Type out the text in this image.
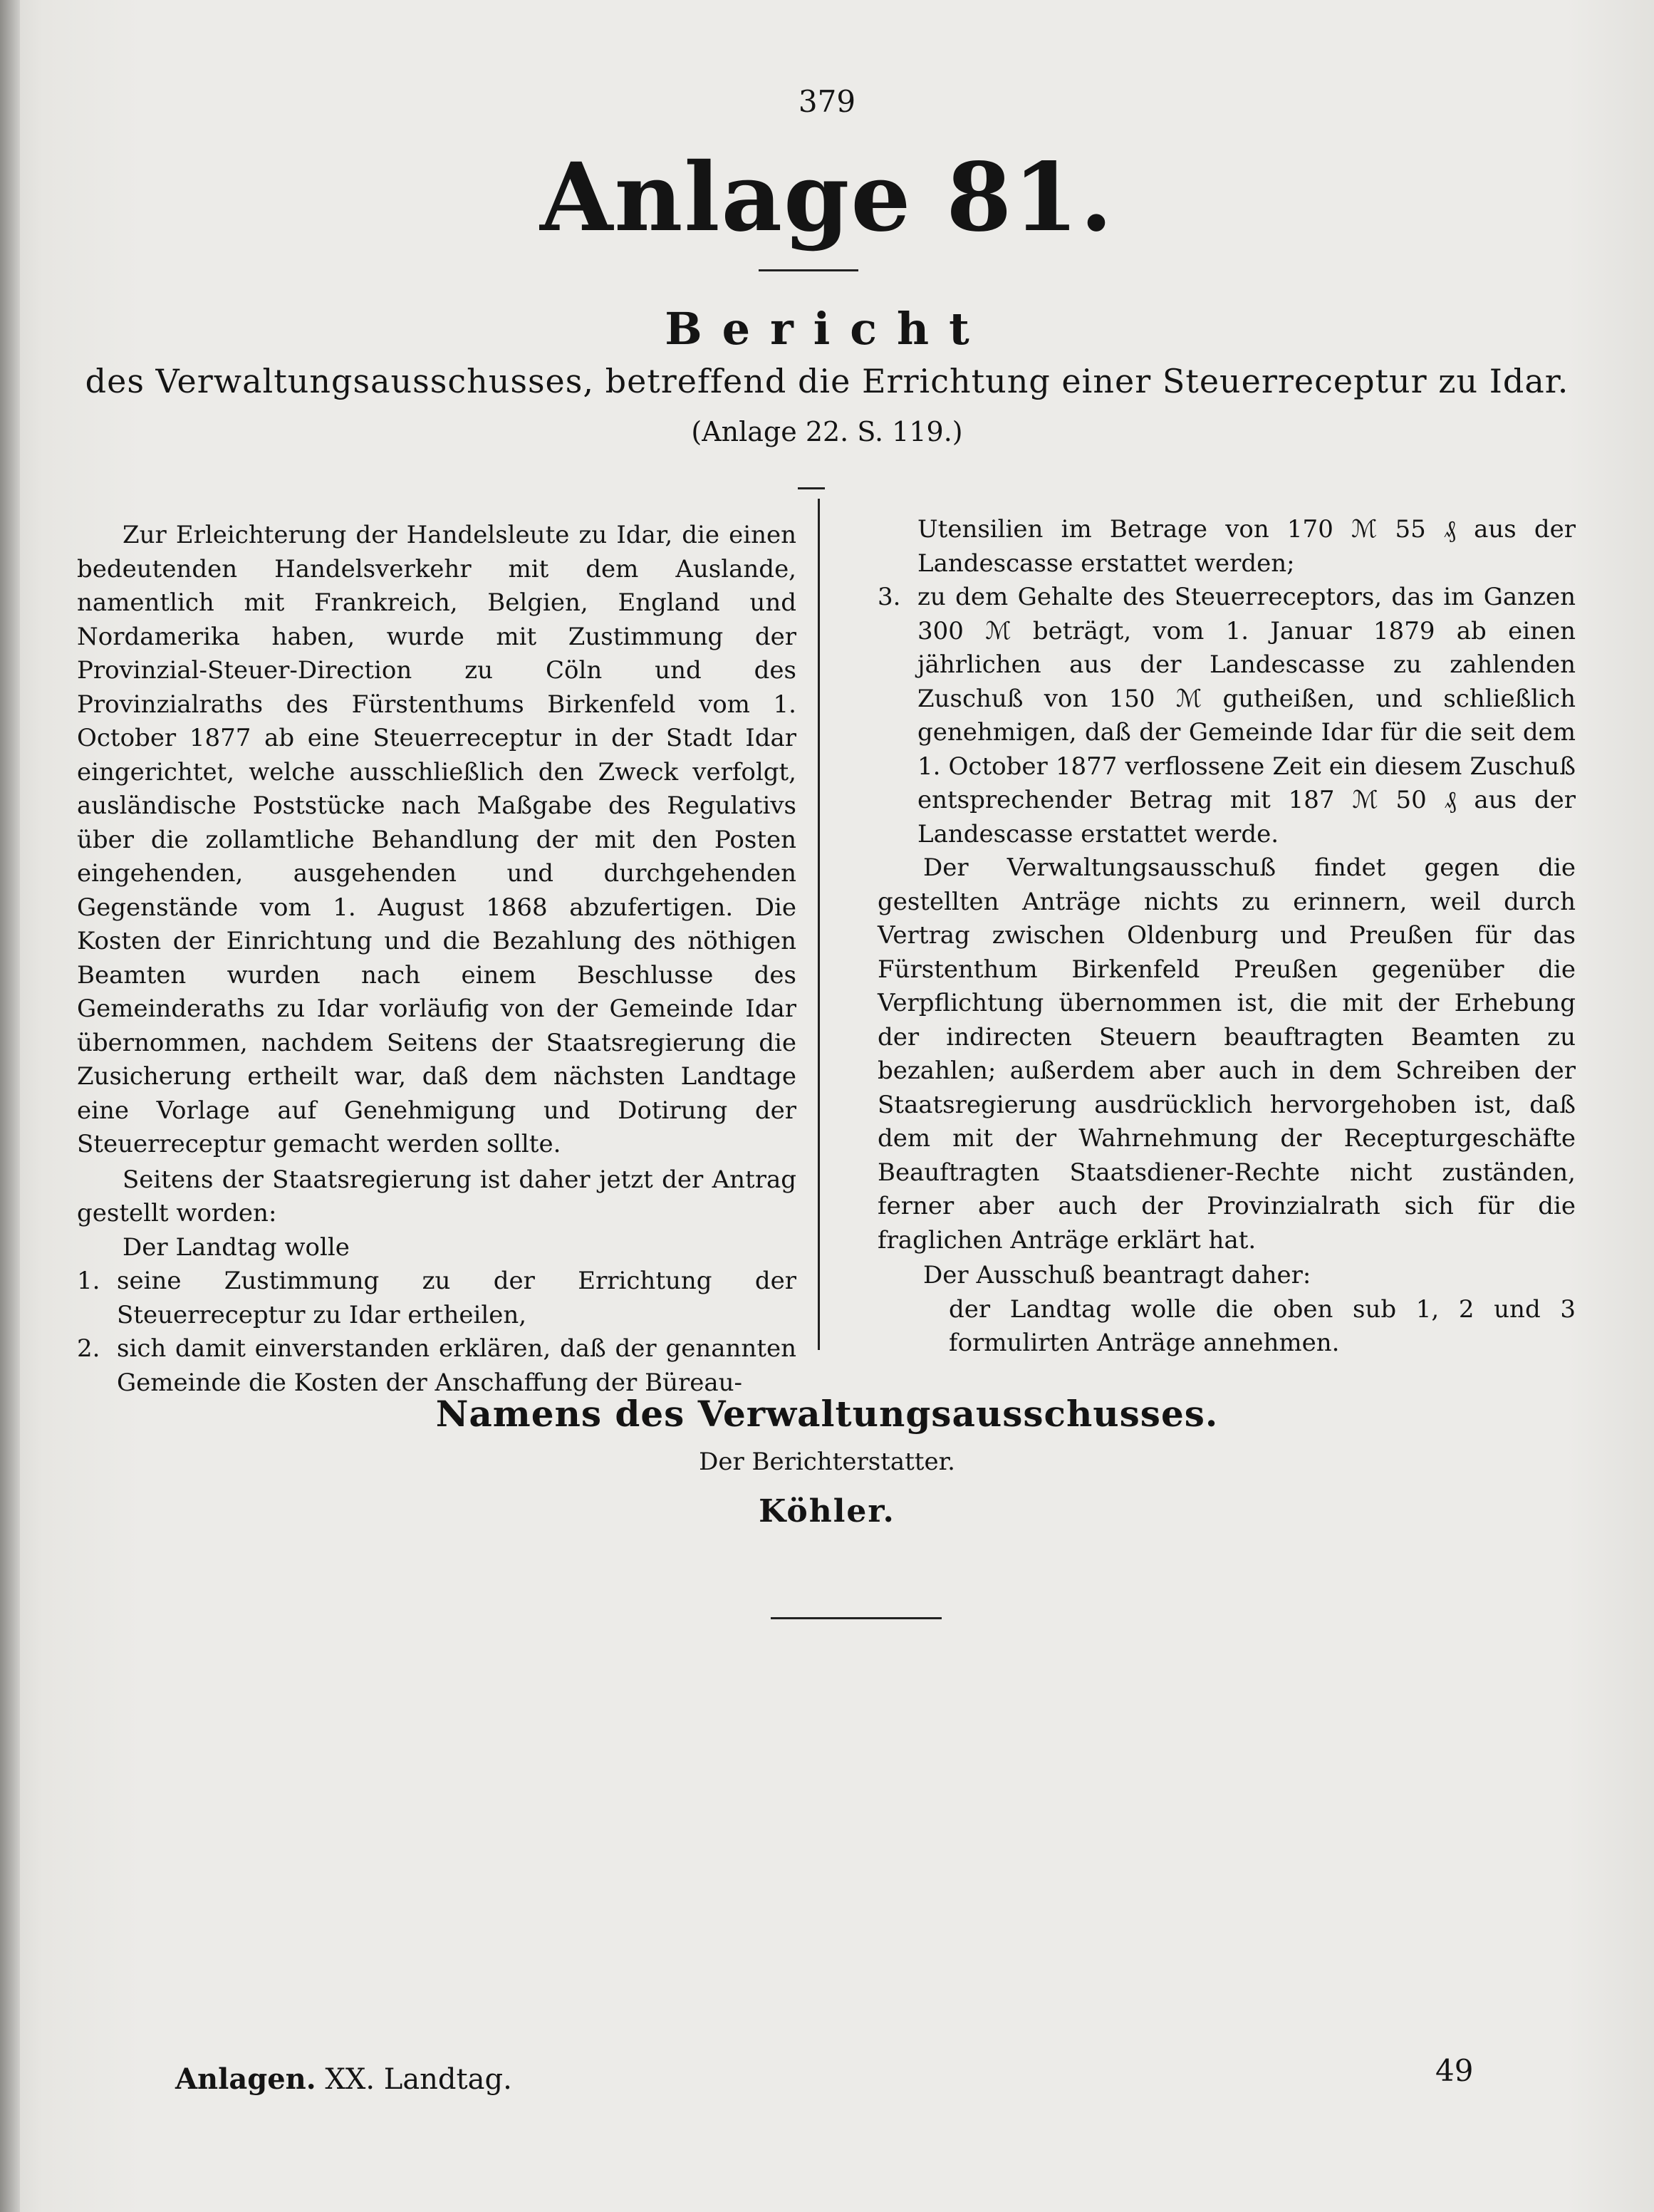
379
Anlage 81.
Bericht
des Verwaltungsausschusses, betreffend die Errichtung einer Steuerreceptur zu Idar.
(Anlage 22. S. 119.)

Zur Erleichterung der Handelsleute zu Idar, die einen bedeutenden Handelsverkehr mit dem Auslande, namentlich mit Frankreich, Belgien, England und Nordamerika haben, wurde mit Zustimmung der Provinzial-Steuer-Direction zu Cöln und des Provinzialraths des Fürstenthums Birkenfeld vom 1. October 1877 ab eine Steuerreceptur in der Stadt Idar eingerichtet, welche ausschließlich den Zweck verfolgt, ausländische Poststücke nach Maßgabe des Regulativs über die zollamtliche Behandlung der mit den Posten eingehenden, ausgehenden und durchgehenden Gegenstände vom 1. August 1868 abzufertigen. Die Kosten der Einrichtung und die Bezahlung des nöthigen Beamten wurden nach einem Beschlusse des Gemeinderaths zu Idar vorläufig von der Gemeinde Idar übernommen, nachdem Seitens der Staatsregierung die Zusicherung ertheilt war, daß dem nächsten Landtage eine Vorlage auf Genehmigung und Dotirung der Steuerreceptur gemacht werden sollte.

Seitens der Staatsregierung ist daher jetzt der Antrag gestellt worden:

Der Landtag wolle

1. seine Zustimmung zu der Errichtung der Steuerreceptur zu Idar ertheilen,
2. sich damit einverstanden erklären, daß der genannten Gemeinde die Kosten der Anschaffung der Büreau-

Utensilien im Betrage von 170 ℳ 55 ₰ aus der Landescasse erstattet werden;

3. zu dem Gehalte des Steuerreceptors, das im Ganzen 300 ℳ beträgt, vom 1. Januar 1879 ab einen jährlichen aus der Landescasse zu zahlenden Zuschuß von 150 ℳ gutheißen, und schließlich genehmigen, daß der Gemeinde Idar für die seit dem 1. October 1877 verflossene Zeit ein diesem Zuschuß entsprechender Betrag mit 187 ℳ 50 ₰ aus der Landescasse erstattet werde.

Der Verwaltungsausschuß findet gegen die gestellten Anträge nichts zu erinnern, weil durch Vertrag zwischen Oldenburg und Preußen für das Fürstenthum Birkenfeld Preußen gegenüber die Verpflichtung übernommen ist, die mit der Erhebung der indirecten Steuern beauftragten Beamten zu bezahlen; außerdem aber auch in dem Schreiben der Staatsregierung ausdrücklich hervorgehoben ist, daß dem mit der Wahrnehmung der Recepturgeschäfte Beauftragten Staatsdiener-Rechte nicht zuständen, ferner aber auch der Provinzialrath sich für die fraglichen Anträge erklärt hat.

Der Ausschuß beantragt daher:

der Landtag wolle die oben sub 1, 2 und 3 formulirten Anträge annehmen.

Namens des Verwaltungsausschusses.
Der Berichterstatter.
Köhler.
Anlagen. XX. Landtag.	49
